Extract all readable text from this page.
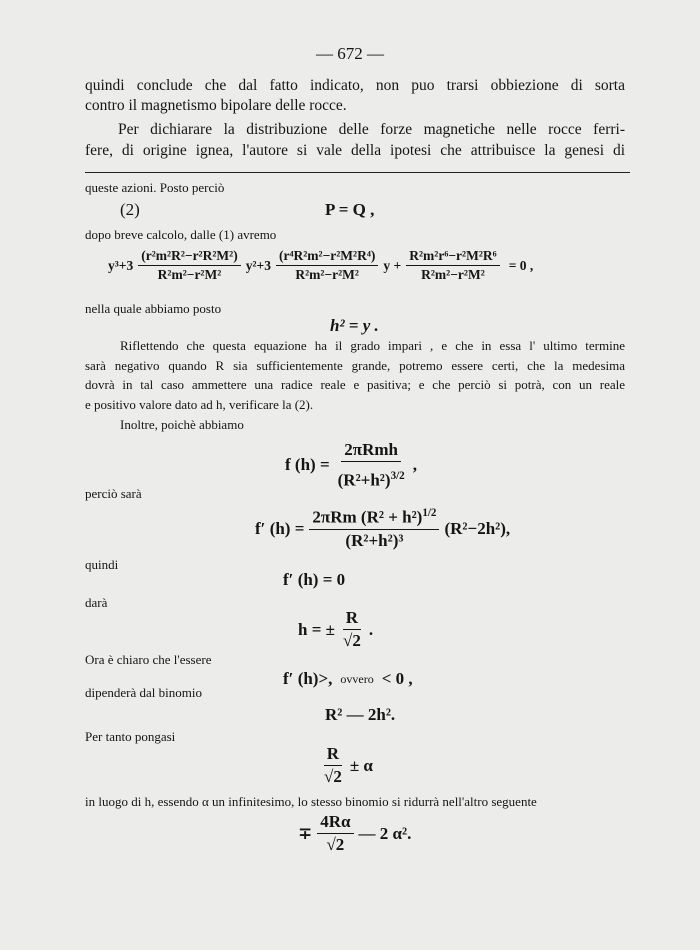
— 672 —
quindi conclude che dal fatto indicato, non puo trarsi obbiezione di sorta
contro il magnetismo bipolare delle rocce.
Per dichiarare la distribuzione delle forze magnetiche nelle rocce ferri-
fere, di origine ignea, l'autore si vale della ipotesi che attribuisce la genesi di
queste azioni. Posto perciò
(2)	P = Q ,
dopo breve calcolo, dalle (1) avremo
$y^3+3 \frac{\text{(r²m²R²−r²R²M²)}}{\text{R²m²−r²M²}} y^2+3 \frac{\text{(r⁴R²m²−r²M²R⁴)}}{\text{R²m²−r²M²}}$ $y + \frac{\text{R²m²r⁶−r²M²R⁶}}{\text{R²m²−r²M²}} = 0$ ,
nella quale abbiamo posto
h² = y .
Riflettendo che questa equazione ha il grado impari , e che in essa l' ultimo termine
sarà negativo quando R sia sufficientemente grande, potremo essere certi, che la medesima
dovrà in tal caso ammettere una radice reale e pasitiva; e che perciò si potrà, con un reale
e positivo valore dato ad h, verificare la (2).
Inoltre, poichè abbiamo
f $(h) = \frac{\text{2πRmh}}{(R^2+h^2)^{3/2}}$ ,
perciò sarà
f′ $(h) = \frac{2\pi Rm (R^2 + h^2)^{1/2}}{\text{(R²+h²)³}} (R^2-2h^2)$,
quindi
f′ (h) = 0
darà
h = ± $\frac{R}{√2}$ .
Ora è chiaro che l'essere
f′ (h)>, ovvero < 0 ,
dipenderà dal binomio
R² — 2h².
Per tanto pongasi
$\frac{R}{√2} \pm \alpha$
in luogo di h, essendo α un infinitesimo, lo stesso binomio si ridurrà nell'altro seguente
∓ $\frac{4R\alpha}{√2}$ — 2 α².
